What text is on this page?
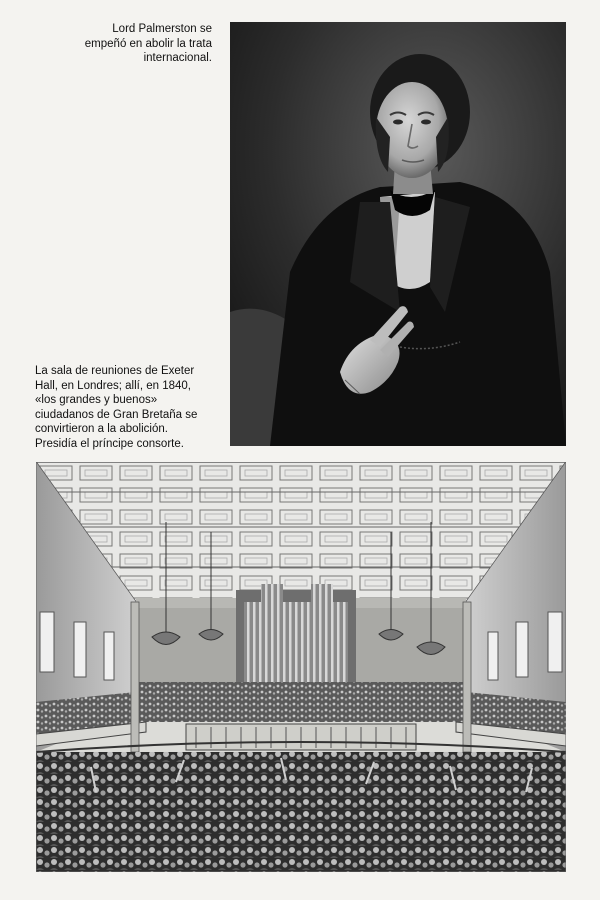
Lord Palmerston se
empeñó en abolir la trata
internacional.

La sala de reuniones de Exeter
Hall, en Londres; allí, en 1840,
«los grandes y buenos»
ciudadanos de Gran Bretaña se
convirtieron a la abolición.
Presidía el príncipe consorte.
